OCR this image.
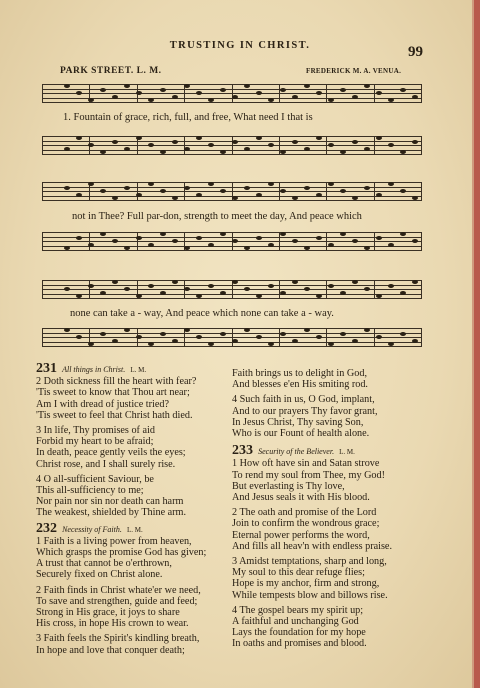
TRUSTING IN CHRIST.	99
PARK STREET. L. M.	FREDERICK M. A. VENUA.
1. Fountain of grace, rich, full, and free, What need I that is
not in Thee? Full par-don, strength to meet the day, And peace which
none can take a - way, And peace which none can take a - way.
231 All things in Christ. L. M.
2 Doth sickness fill the heart with fear?
'Tis sweet to know that Thou art near;
Am I with dread of justice tried?
'Tis sweet to feel that Christ hath died.
3 In life, Thy promises of aid
Forbid my heart to be afraid;
In death, peace gently veils the eyes;
Christ rose, and I shall surely rise.
4 O all-sufficient Saviour, be
This all-sufficiency to me;
Nor pain nor sin nor death can harm
The weakest, shielded by Thine arm.
232 Necessity of Faith. L. M.
1 Faith is a living power from heaven,
Which grasps the promise God has given;
A trust that cannot be o'erthrown,
Securely fixed on Christ alone.
2 Faith finds in Christ whate'er we need,
To save and strengthen, guide and feed;
Strong in His grace, it joys to share
His cross, in hope His crown to wear.
3 Faith feels the Spirit's kindling breath,
In hope and love that conquer death;
Faith brings us to delight in God,
And blesses e'en His smiting rod.
4 Such faith in us, O God, implant,
And to our prayers Thy favor grant,
In Jesus Christ, Thy saving Son,
Who is our Fount of health alone.
233 Security of the Believer. L. M.
1 How oft have sin and Satan strove
To rend my soul from Thee, my God!
But everlasting is Thy love,
And Jesus seals it with His blood.
2 The oath and promise of the Lord
Join to confirm the wondrous grace;
Eternal power performs the word,
And fills all heav'n with endless praise.
3 Amidst temptations, sharp and long,
My soul to this dear refuge flies;
Hope is my anchor, firm and strong,
While tempests blow and billows rise.
4 The gospel bears my spirit up;
A faithful and unchanging God
Lays the foundation for my hope
In oaths and promises and blood.
